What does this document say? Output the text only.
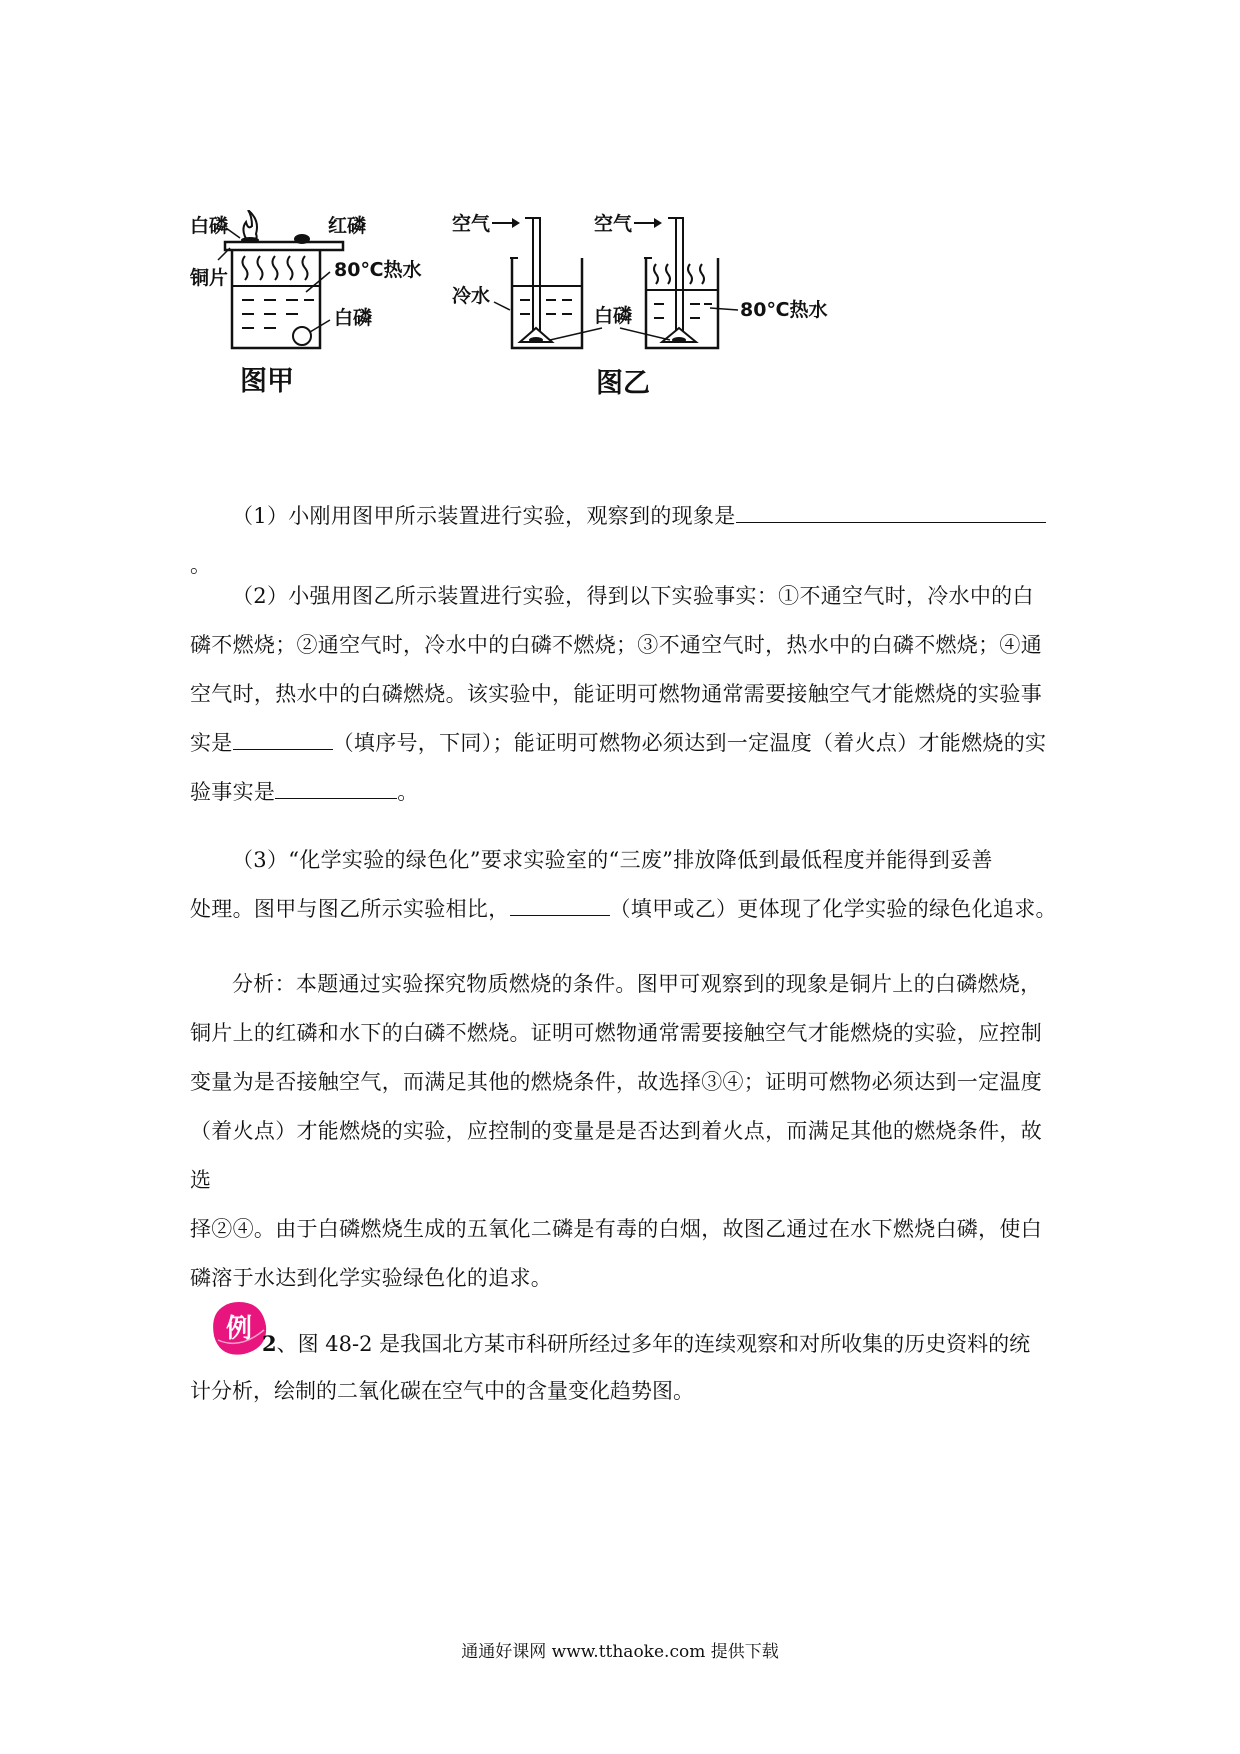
白磷	红磷
铜片	80℃热水
白磷
图甲
空气
冷水
白磷
空气
80℃热水
图乙

（1）小刚用图甲所示装置进行实验，观察到的现象是。

（2）小强用图乙所示装置进行实验，得到以下实验事实：①不通空气时，冷水中的白
磷不燃烧；②通空气时，冷水中的白磷不燃烧；③不通空气时，热水中的白磷不燃烧；④通
空气时，热水中的白磷燃烧。该实验中，能证明可燃物通常需要接触空气才能燃烧的实验事
实是	（填序号，下同）；能证明可燃物必须达到一定温度（着火点）才能燃烧的实
验事实是	。
（3）“化学实验的绿色化”要求实验室的“三废”排放降低到最低程度并能得到妥善
处理。图甲与图乙所示实验相比，	（填甲或乙）更体现了化学实验的绿色化追求。
分析：本题通过实验探究物质燃烧的条件。图甲可观察到的现象是铜片上的白磷燃烧，
铜片上的红磷和水下的白磷不燃烧。证明可燃物通常需要接触空气才能燃烧的实验，应控制
变量为是否接触空气，而满足其他的燃烧条件，故选择③④；证明可燃物必须达到一定温度
（着火点）才能燃烧的实验，应控制的变量是是否达到着火点，而满足其他的燃烧条件，故选
择②④。由于白磷燃烧生成的五氧化二磷是有毒的白烟，故图乙通过在水下燃烧白磷，使白
磷溶于水达到化学实验绿色化的追求。
例 2、图 48-2 是我国北方某市科研所经过多年的连续观察和对所收集的历史资料的统
计分析，绘制的二氧化碳在空气中的含量变化趋势图。
通通好课网 www.tthaoke.com 提供下载
